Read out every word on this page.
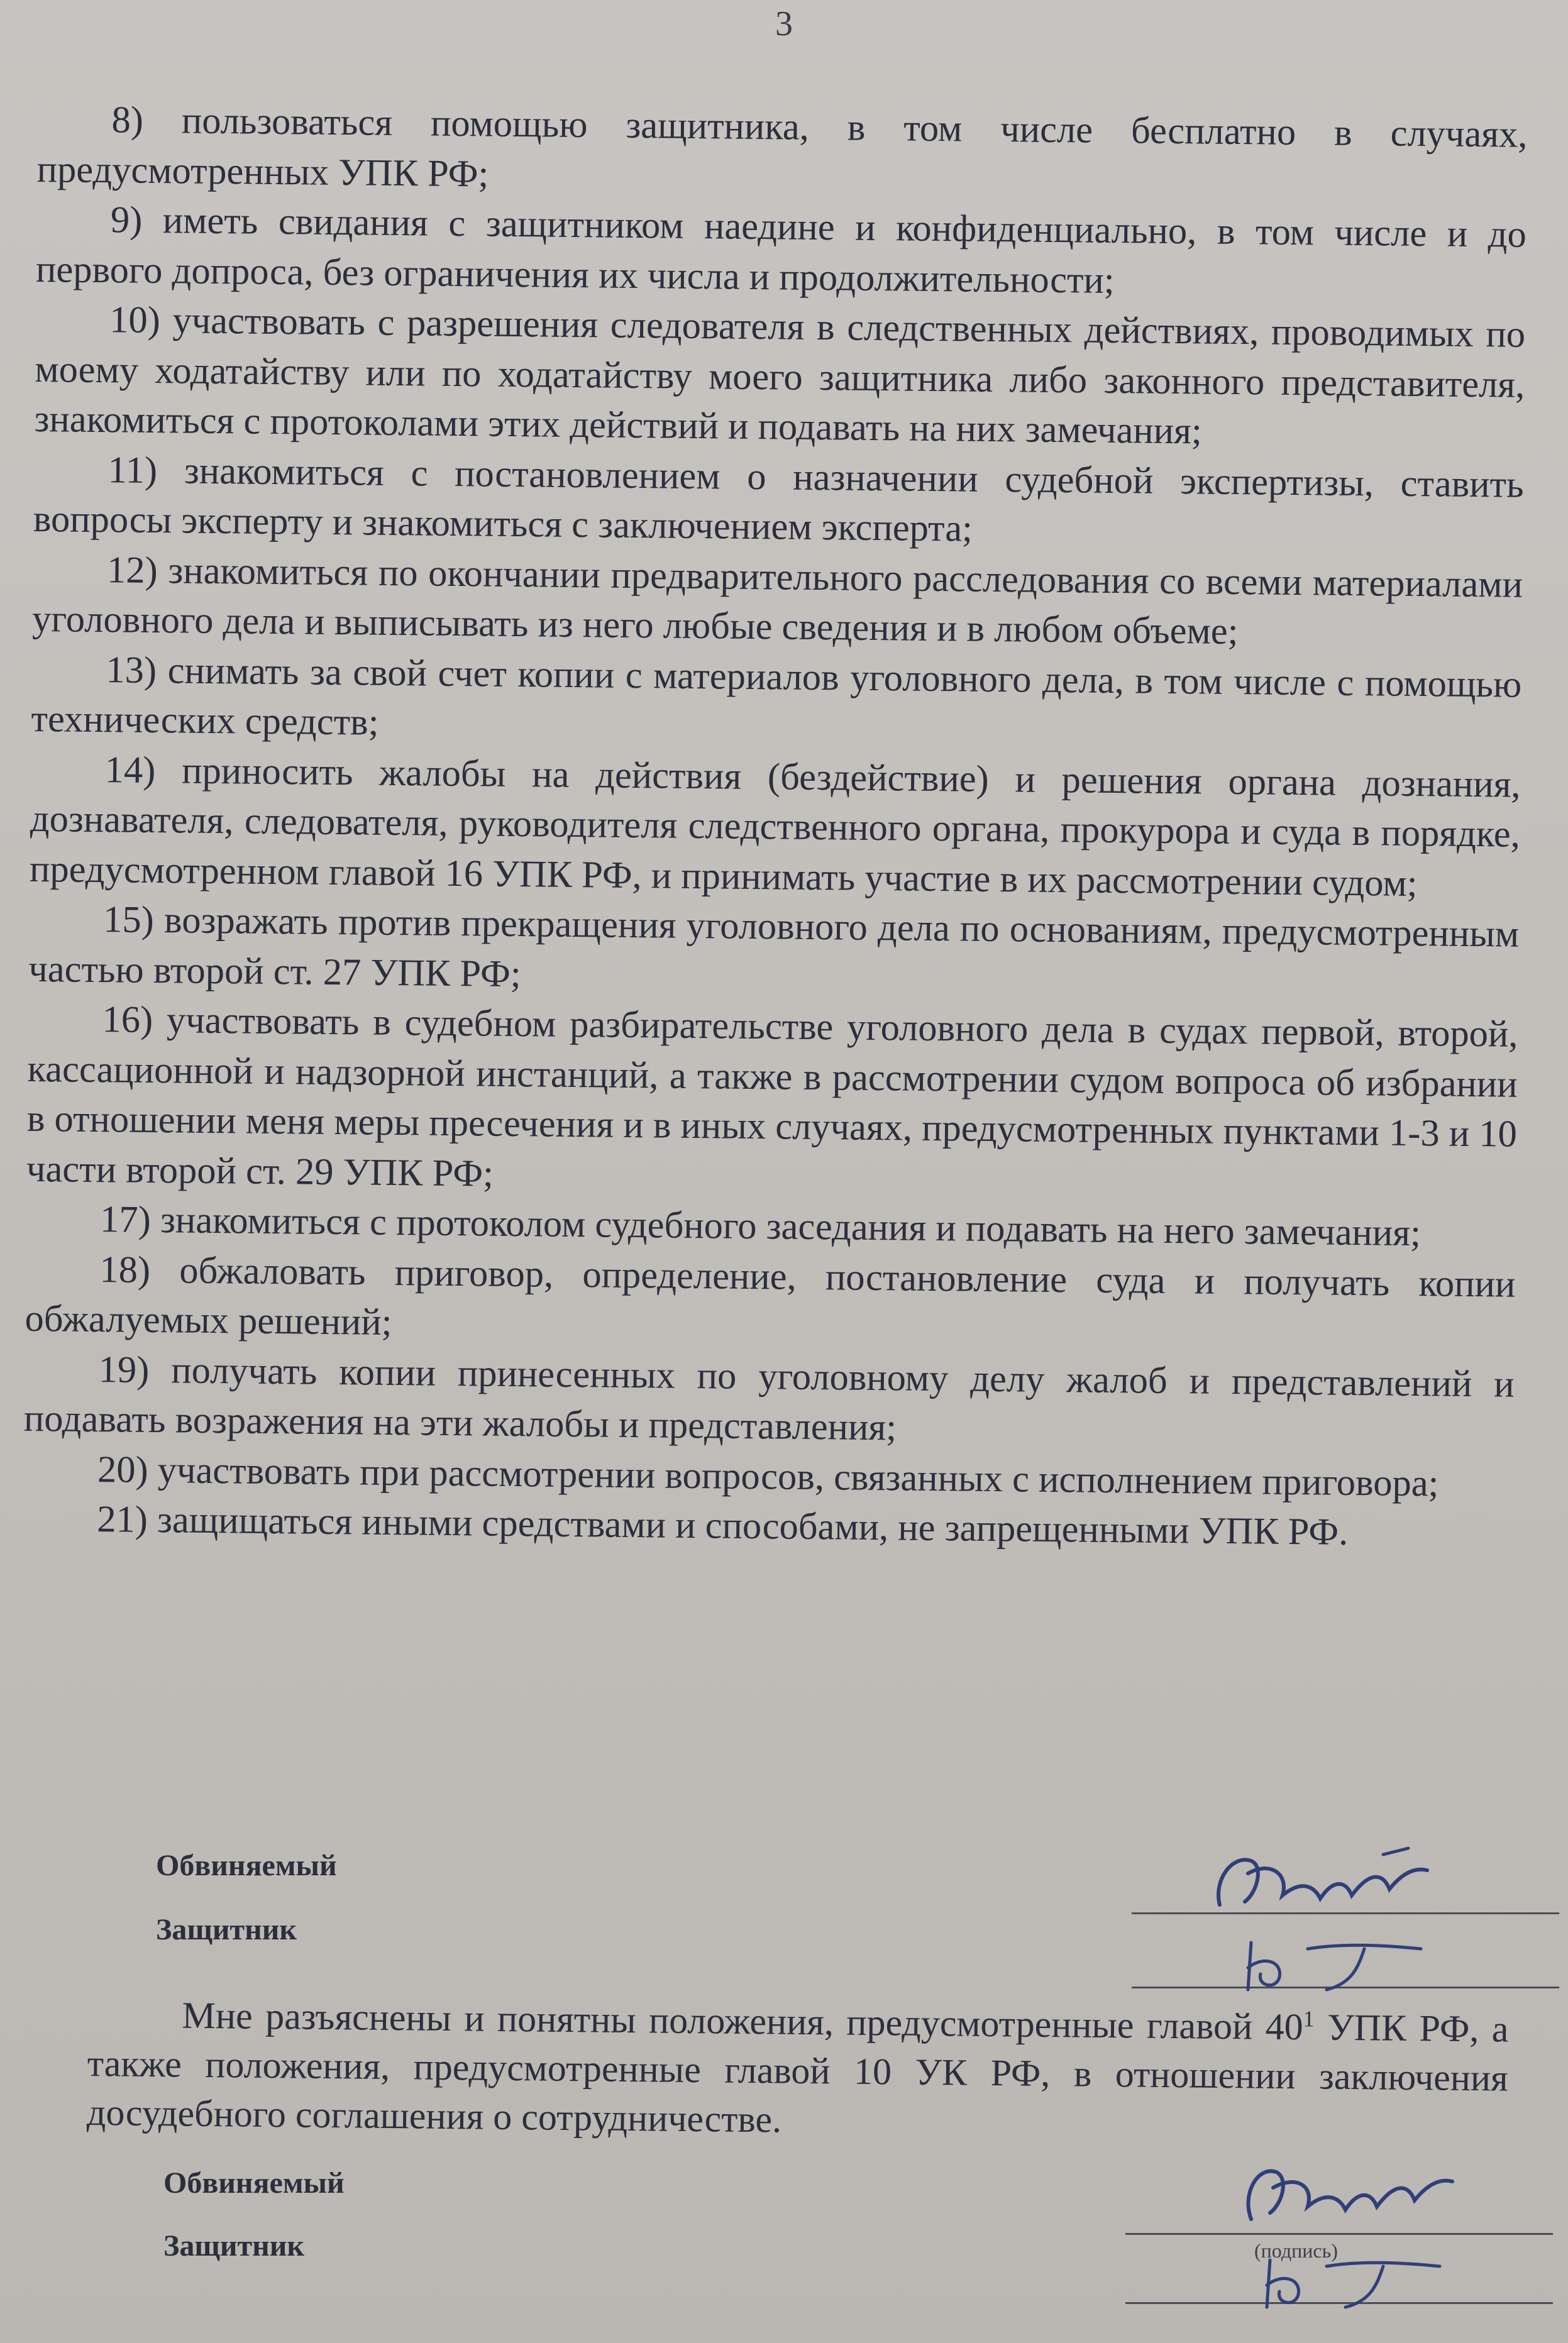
3

8) пользоваться помощью защитника, в том числе бесплатно в случаях, предусмотренных УПК РФ;

9) иметь свидания с защитником наедине и конфиденциально, в том числе и до первого допроса, без ограничения их числа и продолжительности;

10) участвовать с разрешения следователя в следственных действиях, проводимых по моему ходатайству или по ходатайству моего защитника либо законного представителя, знакомиться с протоколами этих действий и подавать на них замечания;

11) знакомиться с постановлением о назначении судебной экспертизы, ставить вопросы эксперту и знакомиться с заключением эксперта;

12) знакомиться по окончании предварительного расследования со всеми материалами уголовного дела и выписывать из него любые сведения и в любом объеме;

13) снимать за свой счет копии с материалов уголовного дела, в том числе с помощью технических средств;

14) приносить жалобы на действия (бездействие) и решения органа дознания, дознавателя, следователя, руководителя следственного органа, прокурора и суда в порядке, предусмотренном главой 16 УПК РФ, и принимать участие в их рассмотрении судом;

15) возражать против прекращения уголовного дела по основаниям, предусмотренным частью второй ст. 27 УПК РФ;

16) участвовать в судебном разбирательстве уголовного дела в судах первой, второй, кассационной и надзорной инстанций, а также в рассмотрении судом вопроса об избрании в отношении меня меры пресечения и в иных случаях, предусмотренных пунктами 1-3 и 10 части второй ст. 29 УПК РФ;

17) знакомиться с протоколом судебного заседания и подавать на него замечания;

18) обжаловать приговор, определение, постановление суда и получать копии обжалуемых решений;

19) получать копии принесенных по уголовному делу жалоб и представлений и подавать возражения на эти жалобы и представления;

20) участвовать при рассмотрении вопросов, связанных с исполнением приговора;

21) защищаться иными средствами и способами, не запрещенными УПК РФ.

Обвиняемый
Защитник

Мне разъяснены и понятны положения, предусмотренные главой $40^1$ УПК РФ, а также положения, предусмотренные главой 10 УК РФ, в отношении заключения досудебного соглашения о сотрудничестве.

Обвиняемый
Защитник	(подпись)
